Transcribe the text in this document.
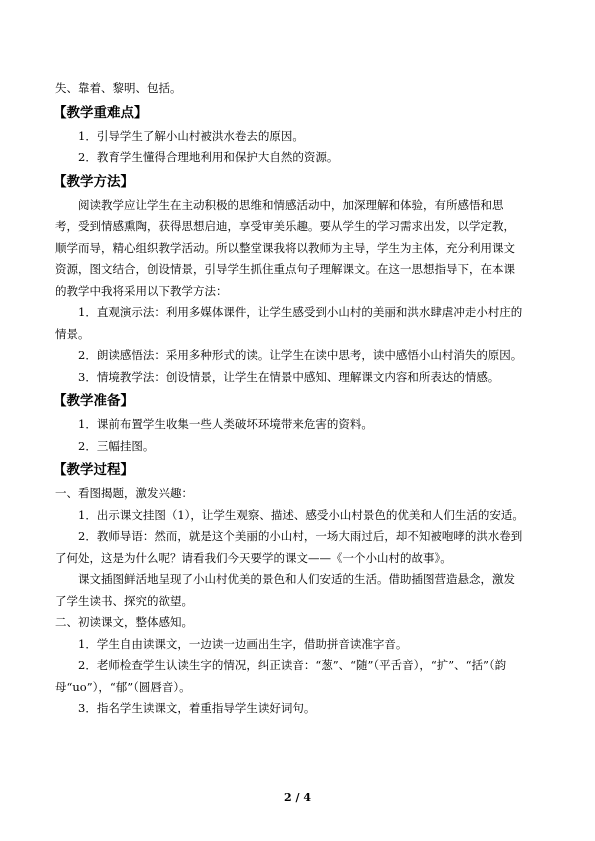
失、靠着、黎明、包括。
【教学重难点】
1．引导学生了解小山村被洪水卷去的原因。
2．教育学生懂得合理地利用和保护大自然的资源。
【教学方法】
阅读教学应让学生在主动积极的思维和情感活动中，加深理解和体验，有所感悟和思
考，受到情感熏陶，获得思想启迪，享受审美乐趣。要从学生的学习需求出发，以学定教，
顺学而导，精心组织教学活动。所以整堂课我将以教师为主导，学生为主体，充分利用课文
资源，图文结合，创设情景，引导学生抓住重点句子理解课文。在这一思想指导下，在本课
的教学中我将采用以下教学方法：
1．直观演示法：利用多媒体课件，让学生感受到小山村的美丽和洪水肆虐冲走小村庄的
情景。
2．朗读感悟法：采用多种形式的读。让学生在读中思考，读中感悟小山村消失的原因。
3．情境教学法：创设情景，让学生在情景中感知、理解课文内容和所表达的情感。
【教学准备】
1．课前布置学生收集一些人类破坏环境带来危害的资料。
2．三幅挂图。
【教学过程】
一、看图揭题，激发兴趣：
1．出示课文挂图（1），让学生观察、描述、感受小山村景色的优美和人们生活的安适。
2．教师导语：然而，就是这个美丽的小山村，一场大雨过后，却不知被咆哮的洪水卷到
了何处，这是为什么呢？请看我们今天要学的课文——《一个小山村的故事》。
课文插图鲜活地呈现了小山村优美的景色和人们安适的生活。借助插图营造悬念，激发
了学生读书、探究的欲望。
二、初读课文，整体感知。
1．学生自由读课文，一边读一边画出生字，借助拼音读准字音。
2．老师检查学生认读生字的情况，纠正读音：“葱”、“随”（平舌音），“扩”、“括”（韵
母“uo”），“郁”（圆唇音）。
3．指名学生读课文，着重指导学生读好词句。
2 / 4
